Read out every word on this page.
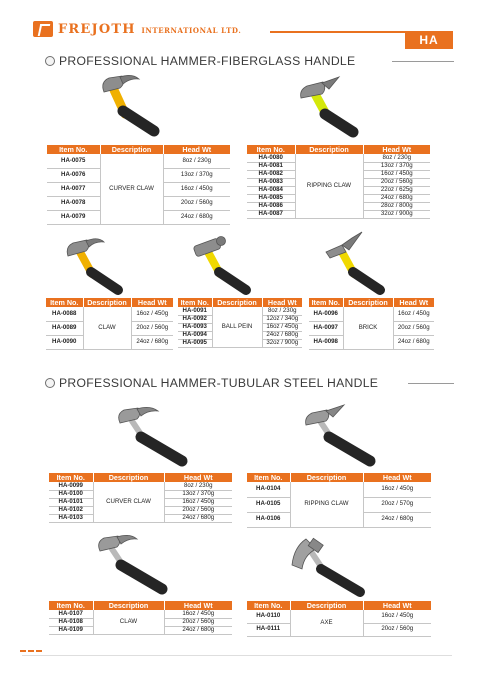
FREJOTH INTERNATIONAL LTD.
HA
PROFESSIONAL HAMMER-FIBERGLASS HANDLE
Item No.	Description	Head Wt
HA-0075	CURVER CLAW	8oz / 230g
HA-0076		13oz / 370g
HA-0077		16oz / 450g
HA-0078		20oz / 560g
HA-0079		24oz / 680g
Item No.	Description	Head Wt
HA-0080	RIPPING CLAW	8oz / 230g
HA-0081		13oz / 370g
HA-0082		16oz / 450g
HA-0083		20oz / 560g
HA-0084		22oz / 625g
HA-0085		24oz / 680g
HA-0086		28oz / 800g
HA-0087		32oz / 900g
Item No.	Description	Head Wt
HA-0088	CLAW	16oz / 450g
HA-0089		20oz / 560g
HA-0090		24oz / 680g
Item No.	Description	Head Wt
HA-0091	BALL PEIN	8oz / 230g
HA-0092		12oz / 340g
HA-0093		16oz / 450g
HA-0094		24oz / 680g
HA-0095		32oz / 900g
Item No.	Description	Head Wt
HA-0096	BRICK	16oz / 450g
HA-0097		20oz / 560g
HA-0098		24oz / 680g
PROFESSIONAL HAMMER-TUBULAR STEEL HANDLE
Item No.	Description	Head Wt
HA-0099	CURVER CLAW	8oz / 230g
HA-0100		13oz / 370g
HA-0101		16oz / 450g
HA-0102		20oz / 560g
HA-0103		24oz / 680g
Item No.	Description	Head Wt
HA-0104	RIPPING CLAW	16oz / 450g
HA-0105		20oz / 570g
HA-0106		24oz / 680g
Item No.	Description	Head Wt
HA-0107	CLAW	16oz / 450g
HA-0108		20oz / 560g
HA-0109		24oz / 680g
Item No.	Description	Head Wt
HA-0110	AXE	16oz / 450g
HA-0111		20oz / 560g
